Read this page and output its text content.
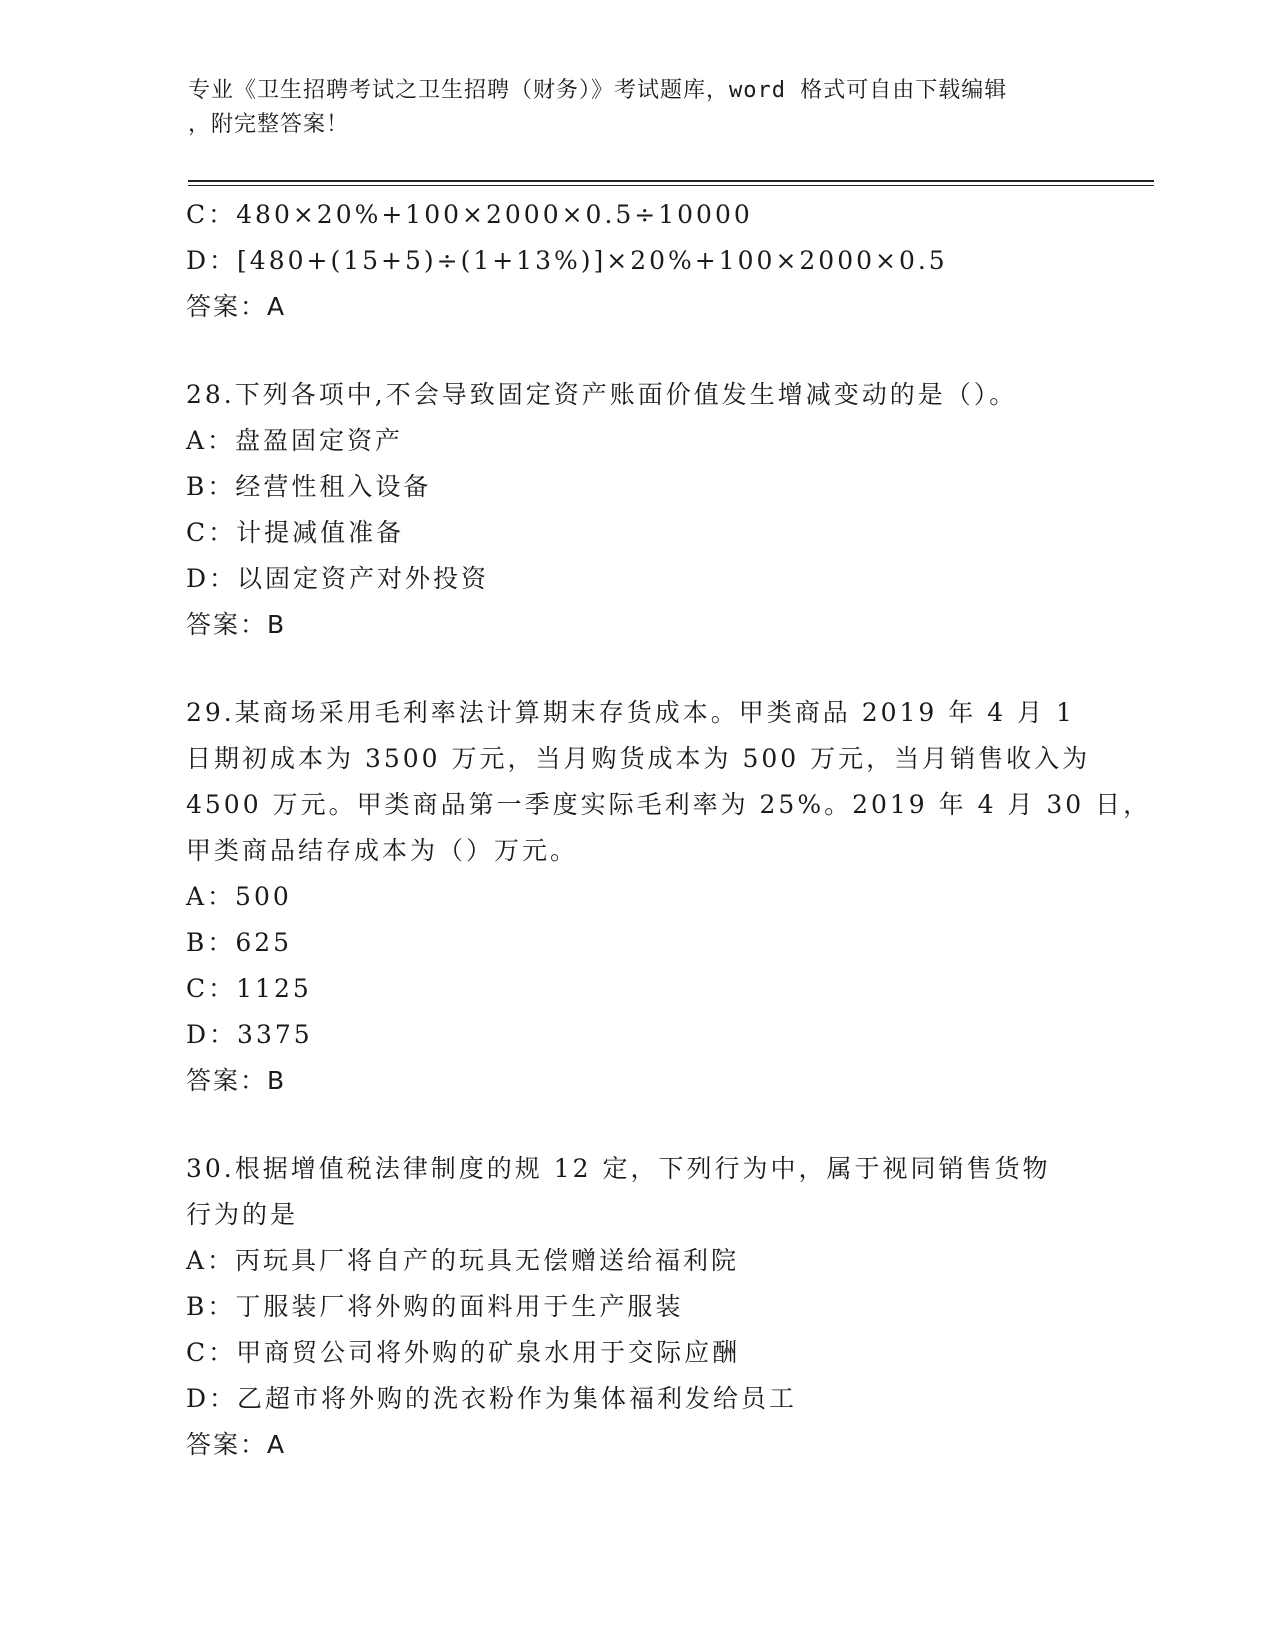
专业《卫生招聘考试之卫生招聘（财务）》考试题库，word 格式可自由下载编辑
，附完整答案！
C：480×20%+100×2000×0.5÷10000
D：[480+(15+5)÷(1+13%)]×20%+100×2000×0.5
答案：A
28.下列各项中,不会导致固定资产账面价值发生增减变动的是（）。
A：盘盈固定资产
B：经营性租入设备
C：计提减值准备
D：以固定资产对外投资
答案：B
29.某商场采用毛利率法计算期末存货成本。甲类商品 2019 年 4 月 1
日期初成本为 3500 万元，当月购货成本为 500 万元，当月销售收入为
4500 万元。甲类商品第一季度实际毛利率为 25%。2019 年 4 月 30 日，
甲类商品结存成本为（）万元。
A：500
B：625
C：1125
D：3375
答案：B
30.根据增值税法律制度的规 12 定，下列行为中，属于视同销售货物
行为的是
A：丙玩具厂将自产的玩具无偿赠送给福利院
B：丁服装厂将外购的面料用于生产服装
C：甲商贸公司将外购的矿泉水用于交际应酬
D：乙超市将外购的洗衣粉作为集体福利发给员工
答案：A
